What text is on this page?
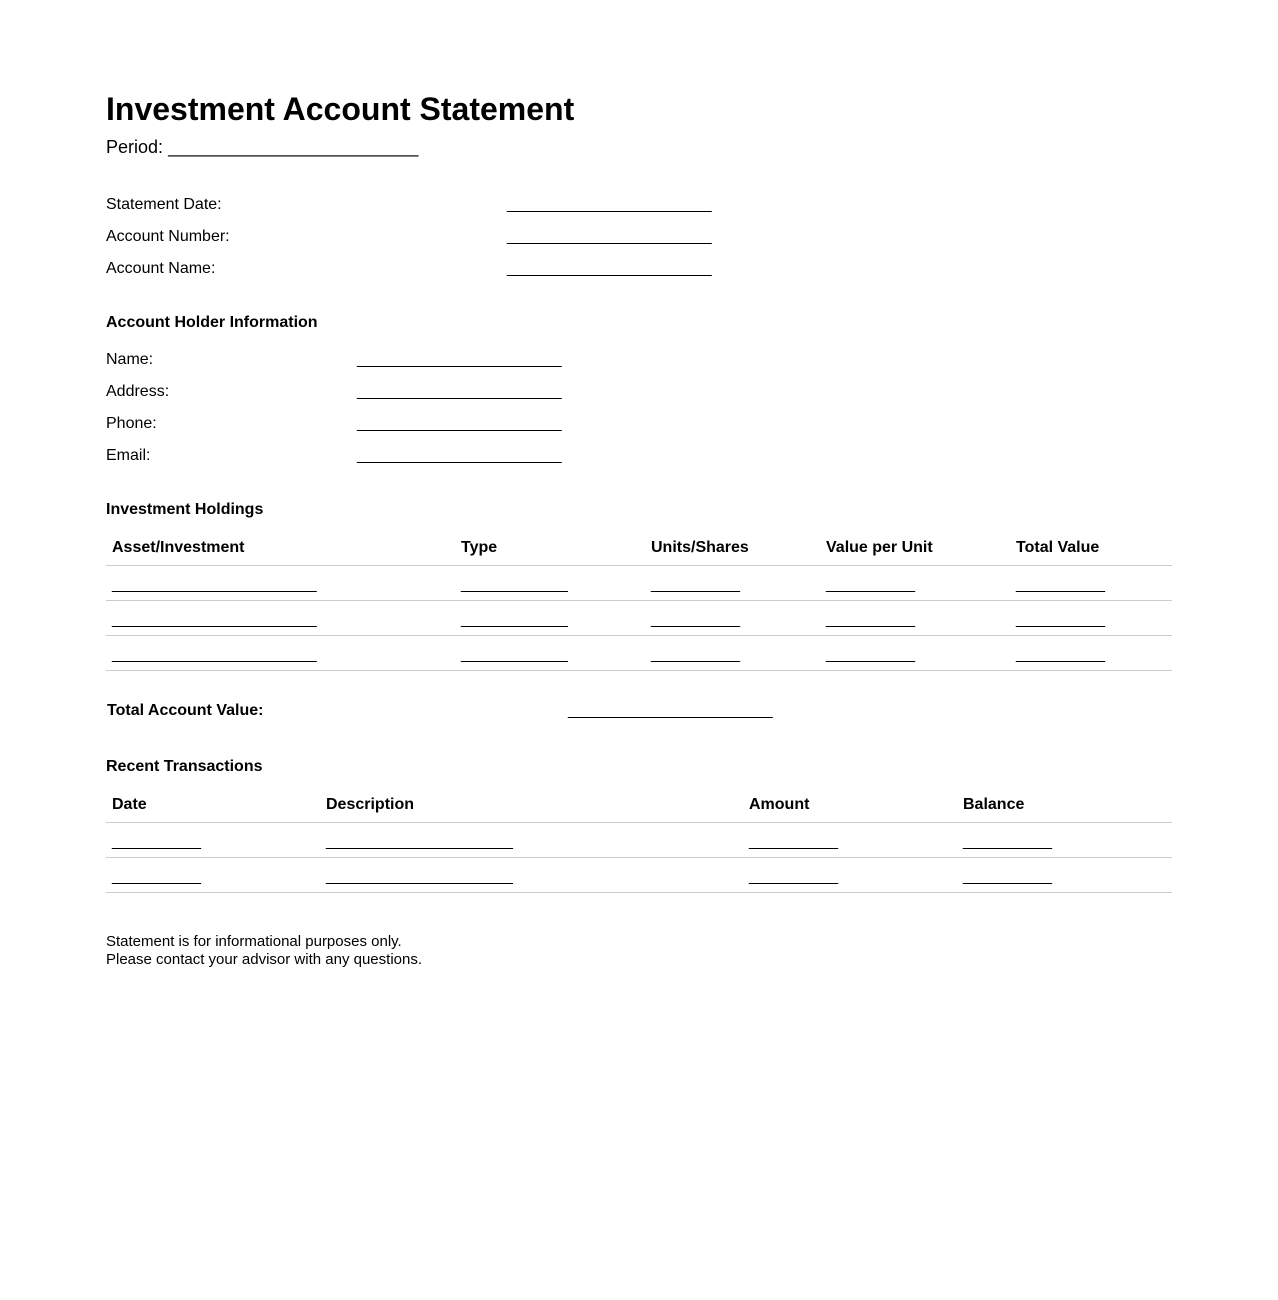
Investment Account Statement
Period: _________________________
Statement Date:	_______________________
Account Number:	_______________________
Account Name:	_______________________
Account Holder Information
Name:	_______________________
Address:	_______________________
Phone:	_______________________
Email:	_______________________
Investment Holdings
Asset/Investment	Type	Units/Shares	Value per Unit	Total Value
_______________________	____________	__________	__________	__________
_______________________	____________	__________	__________	__________
_______________________	____________	__________	__________	__________
Total Account Value:	_______________________
Recent Transactions
Date	Description	Amount	Balance
__________	_____________________	__________	__________
__________	_____________________	__________	__________
Statement is for informational purposes only.
Please contact your advisor with any questions.
